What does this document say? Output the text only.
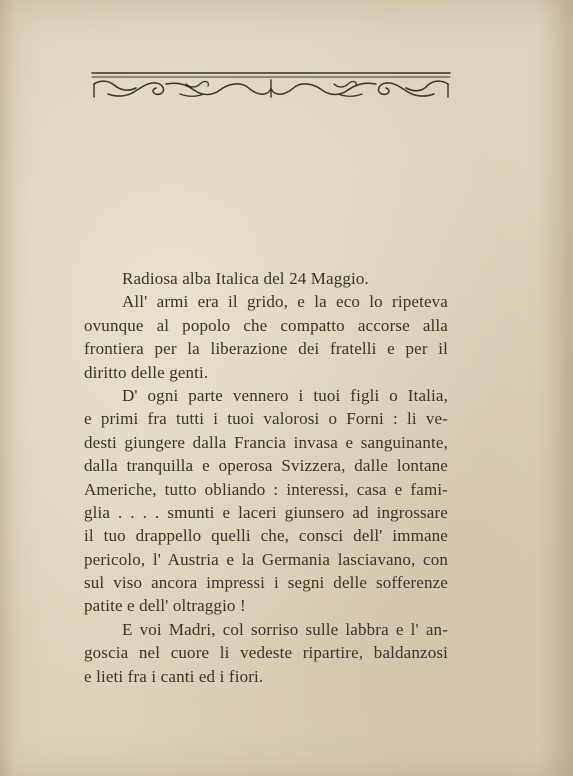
Radiosa alba Italica del 24 Maggio.
All' armi era il grido, e la eco lo ripeteva
ovunque al popolo che compatto accorse alla
frontiera per la liberazione dei fratelli e per il
diritto delle genti.
D' ogni parte vennero i tuoi figli o Italia,
e primi fra tutti i tuoi valorosi o Forni : li ve-
desti giungere dalla Francia invasa e sanguinante,
dalla tranquilla e operosa Svizzera, dalle lontane
Americhe, tutto obliando : interessi, casa e fami-
glia . . . . smunti e laceri giunsero ad ingrossare
il tuo drappello quelli che, consci dell' immane
pericolo, l' Austria e la Germania lasciavano, con
sul viso ancora impressi i segni delle sofferenze
patite e dell' oltraggio !
E voi Madri, col sorriso sulle labbra e l' an-
goscia nel cuore li vedeste ripartire, baldanzosi
e lieti fra i canti ed i fiori.
